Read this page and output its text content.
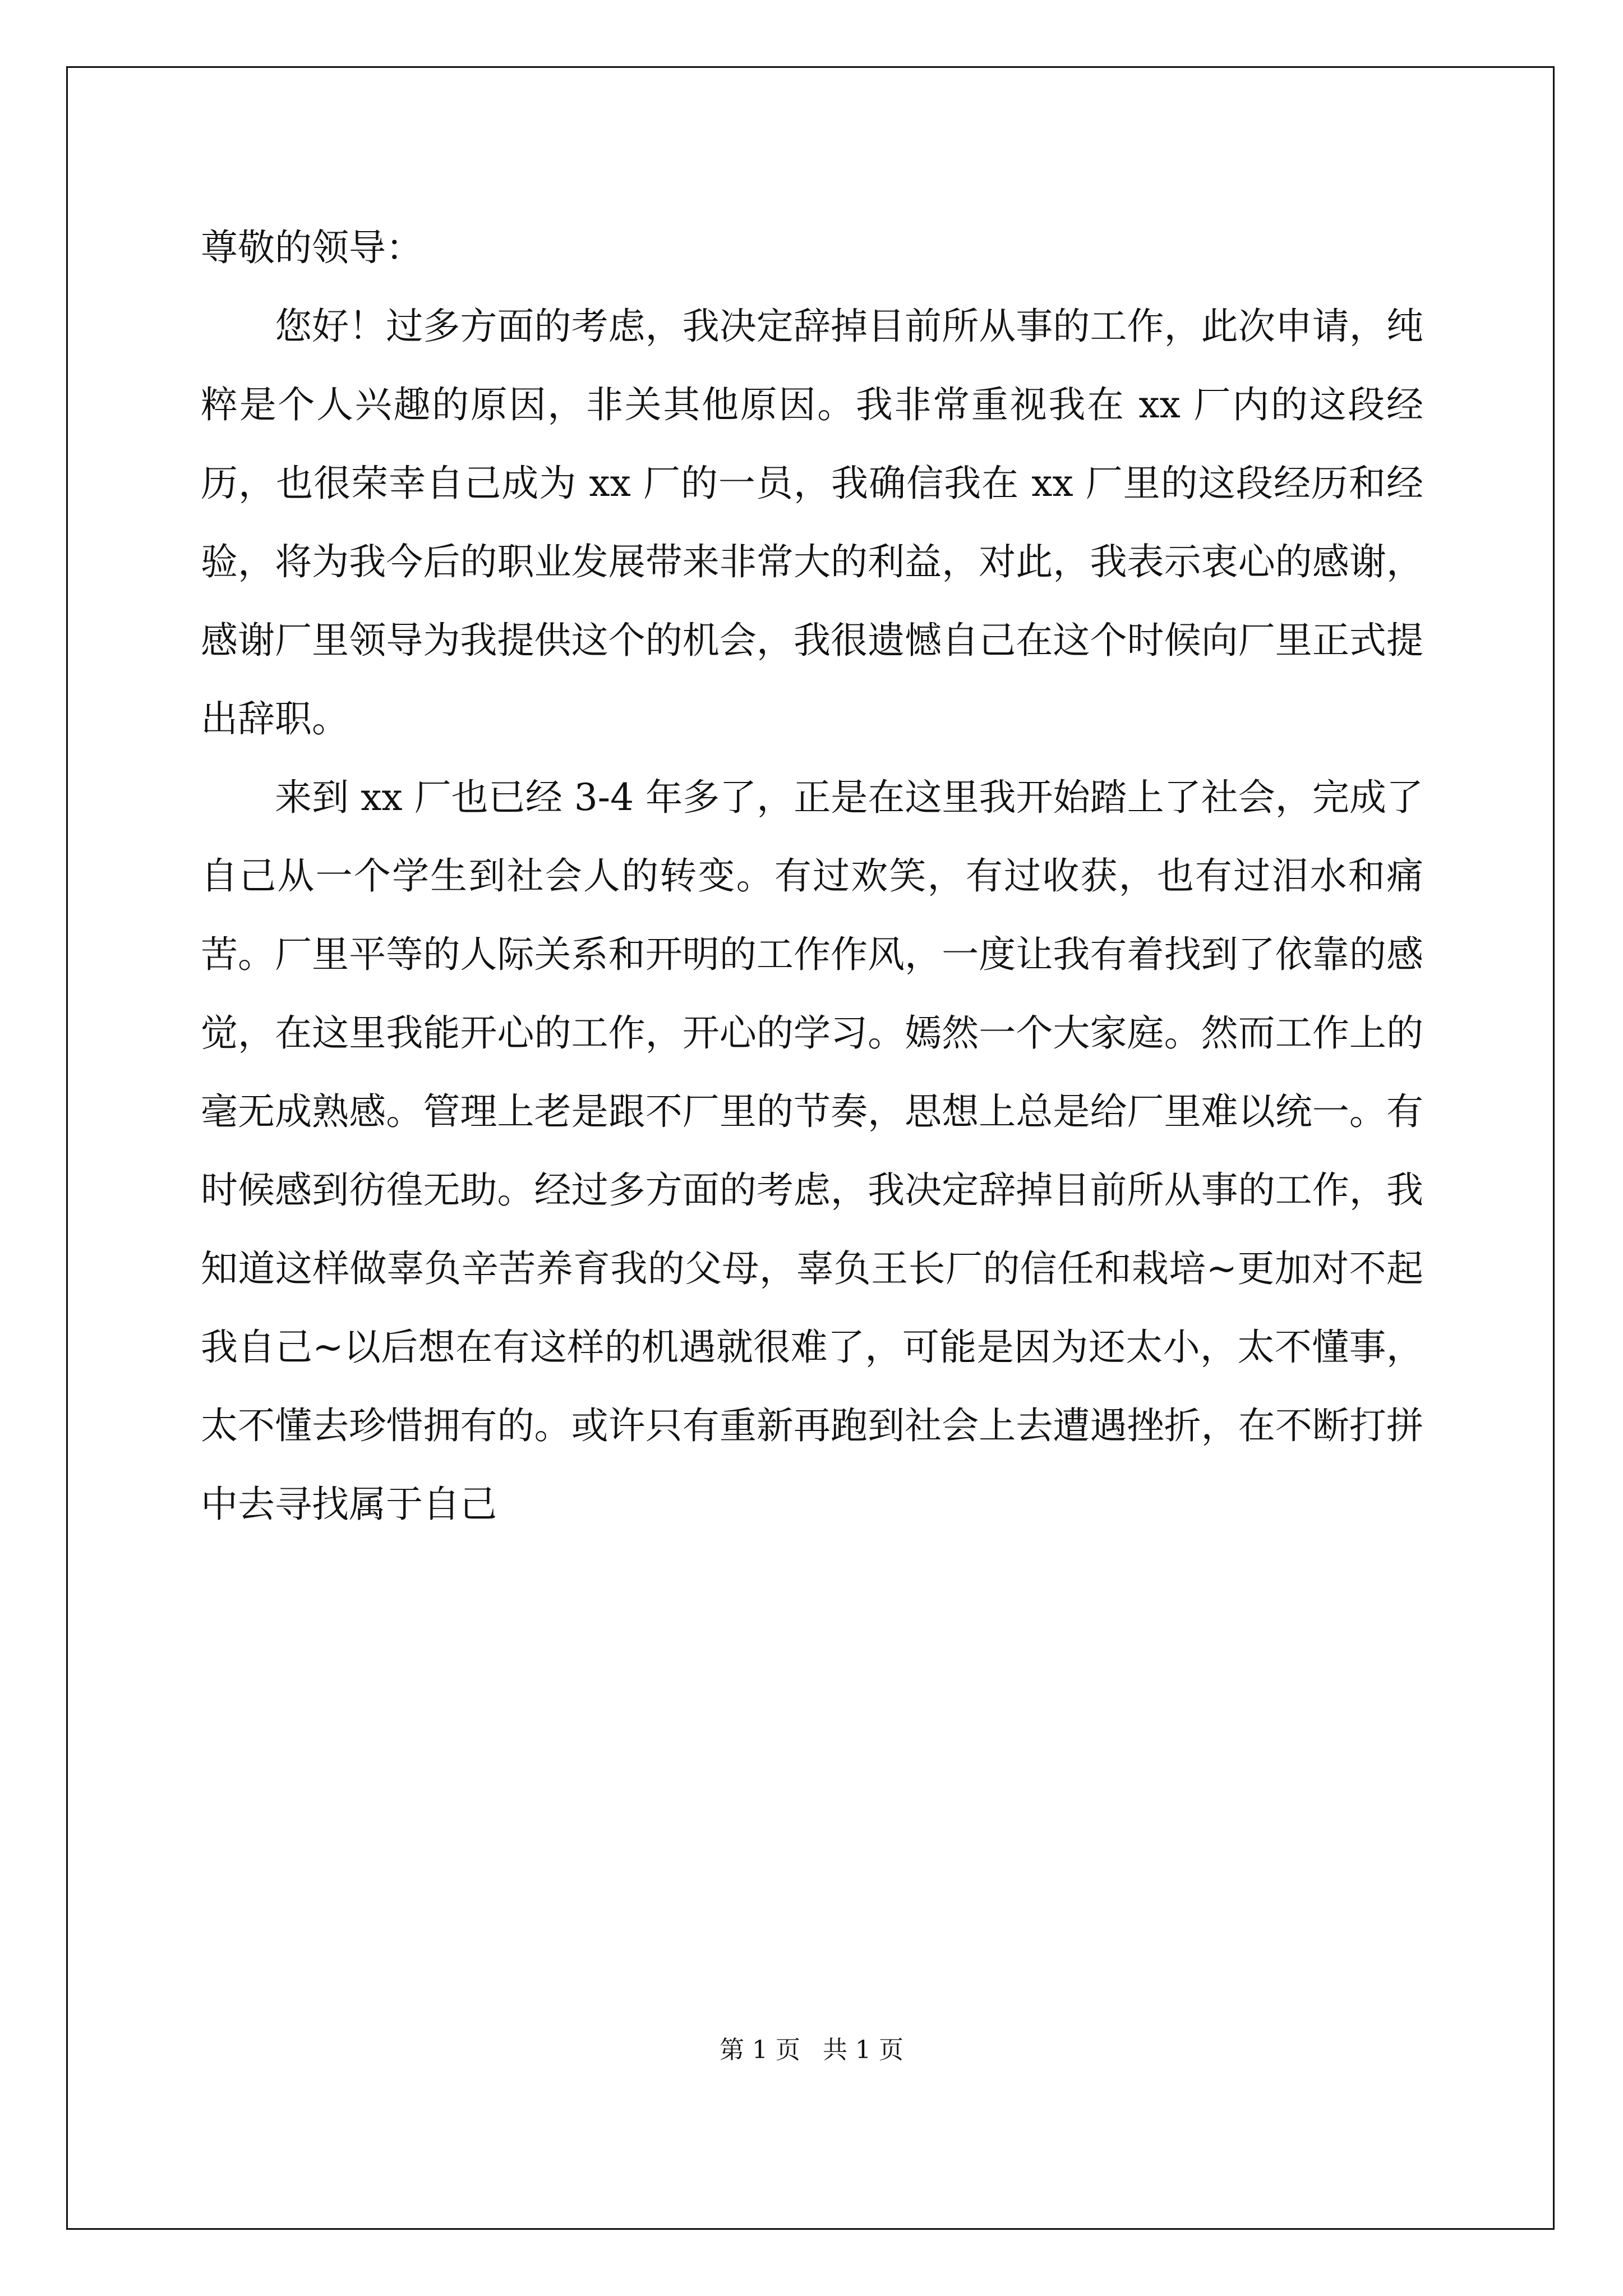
尊敬的领导：

您好！过多方面的考虑，我决定辞掉目前所从事的工作，此次申请，纯粹是个人兴趣的原因，非关其他原因。我非常重视我在 xx 厂内的这段经历，也很荣幸自己成为 xx 厂的一员，我确信我在 xx 厂里的这段经历和经验，将为我今后的职业发展带来非常大的利益，对此，我表示衷心的感谢，感谢厂里领导为我提供这个的机会，我很遗憾自己在这个时候向厂里正式提出辞职。

来到 xx 厂也已经 3-4 年多了，正是在这里我开始踏上了社会，完成了自己从一个学生到社会人的转变。有过欢笑，有过收获，也有过泪水和痛苦。厂里平等的人际关系和开明的工作作风，一度让我有着找到了依靠的感觉，在这里我能开心的工作，开心的学习。嫣然一个大家庭。然而工作上的毫无成熟感。管理上老是跟不厂里的节奏，思想上总是给厂里难以统一。有时候感到彷徨无助。经过多方面的考虑，我决定辞掉目前所从事的工作，我知道这样做辜负辛苦养育我的父母，辜负王长厂的信任和栽培~更加对不起我自己~以后想在有这样的机遇就很难了，可能是因为还太小，太不懂事，太不懂去珍惜拥有的。或许只有重新再跑到社会上去遭遇挫折，在不断打拼中去寻找属于自己

第 1 页 共 1 页
